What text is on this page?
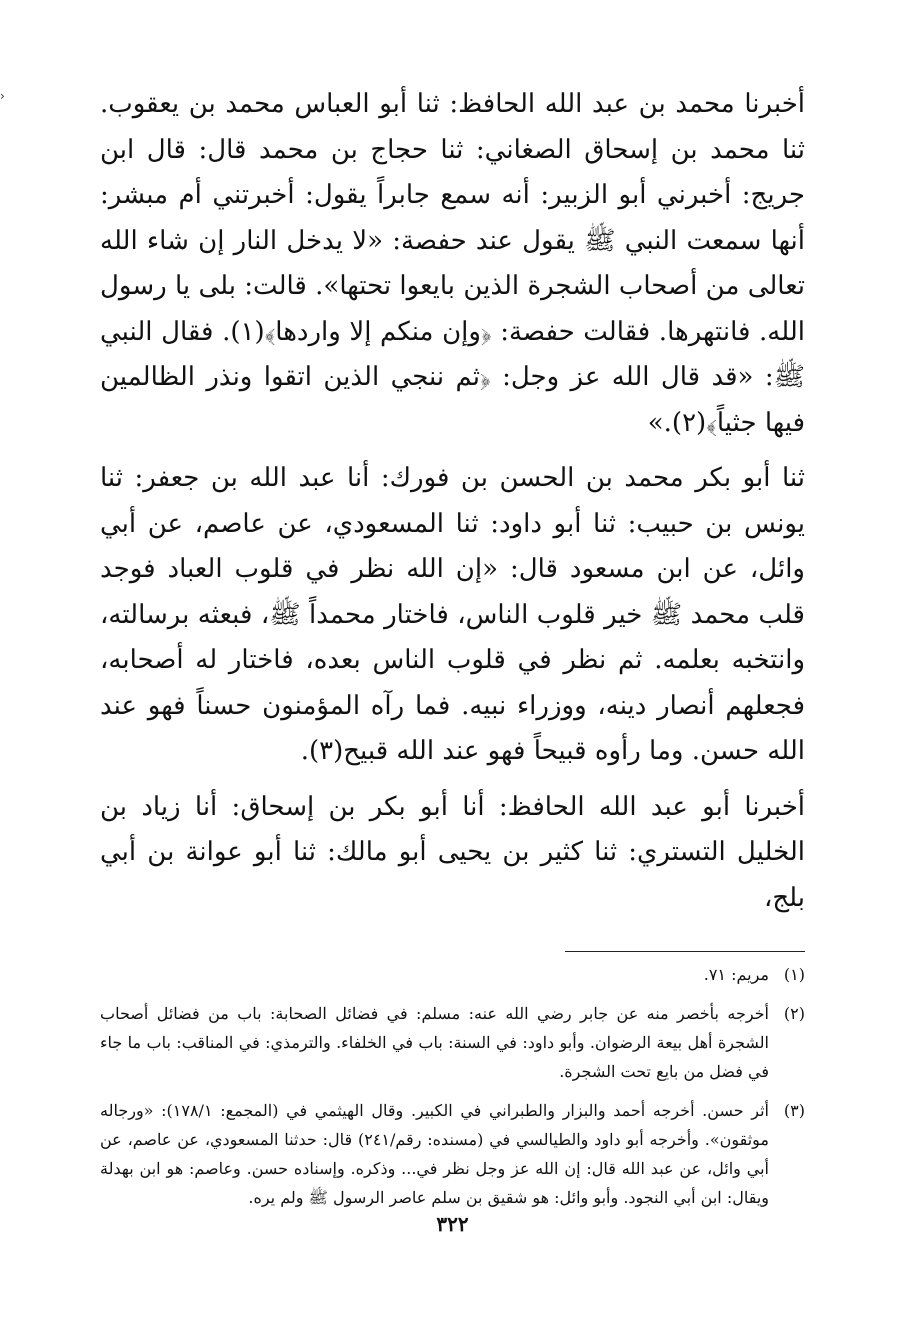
›	أخبرنا محمد بن عبد الله الحافظ: ثنا أبو العباس محمد بن يعقوب. ثنا محمد بن إسحاق الصغاني: ثنا حجاج بن محمد قال: قال ابن جريج: أخبرني أبو الزبير: أنه سمع جابراً يقول: أخبرتني أم مبشر: أنها سمعت النبي ﷺ يقول عند حفصة: «لا يدخل النار إن شاء الله تعالى من أصحاب الشجرة الذين بايعوا تحتها». قالت: بلى يا رسول الله. فانتهرها. فقالت حفصة: ﴿وإن منكم إلا واردها﴾(١). فقال النبي ﷺ: «قد قال الله عز وجل: ﴿ثم ننجي الذين اتقوا ونذر الظالمين فيها جثياً﴾(٢).»

ثنا أبو بكر محمد بن الحسن بن فورك: أنا عبد الله بن جعفر: ثنا يونس بن حبيب: ثنا أبو داود: ثنا المسعودي، عن عاصم، عن أبي وائل، عن ابن مسعود قال: «إن الله نظر في قلوب العباد فوجد قلب محمد ﷺ خير قلوب الناس، فاختار محمداً ﷺ، فبعثه برسالته، وانتخبه بعلمه. ثم نظر في قلوب الناس بعده، فاختار له أصحابه، فجعلهم أنصار دينه، ووزراء نبيه. فما رآه المؤمنون حسناً فهو عند الله حسن. وما رأوه قبيحاً فهو عند الله قبيح(٣).

أخبرنا أبو عبد الله الحافظ: أنا أبو بكر بن إسحاق: أنا زياد بن الخليل التستري: ثنا كثير بن يحيى أبو مالك: ثنا أبو عوانة بن أبي بلج،

(١)
مريم: ٧١.
(٢)
أخرجه بأخصر منه عن جابر رضي الله عنه: مسلم: في فضائل الصحابة: باب من فضائل أصحاب الشجرة أهل بيعة الرضوان. وأبو داود: في السنة: باب في الخلفاء. والترمذي: في المناقب: باب ما جاء في فضل من بايع تحت الشجرة.
(٣)
أثر حسن. أخرجه أحمد والبزار والطبراني في الكبير. وقال الهيثمي في (المجمع: ١٧٨/١): «ورجاله موثقون». وأخرجه أبو داود والطيالسي في (مسنده: رقم/٢٤١) قال: حدثنا المسعودي، عن عاصم، عن أبي وائل، عن عبد الله قال: إن الله عز وجل نظر في... وذكره. وإسناده حسن. وعاصم: هو ابن بهدلة ويقال: ابن أبي النجود. وأبو وائل: هو شقيق بن سلم عاصر الرسول ﷺ ولم يره.
٣٢٢
